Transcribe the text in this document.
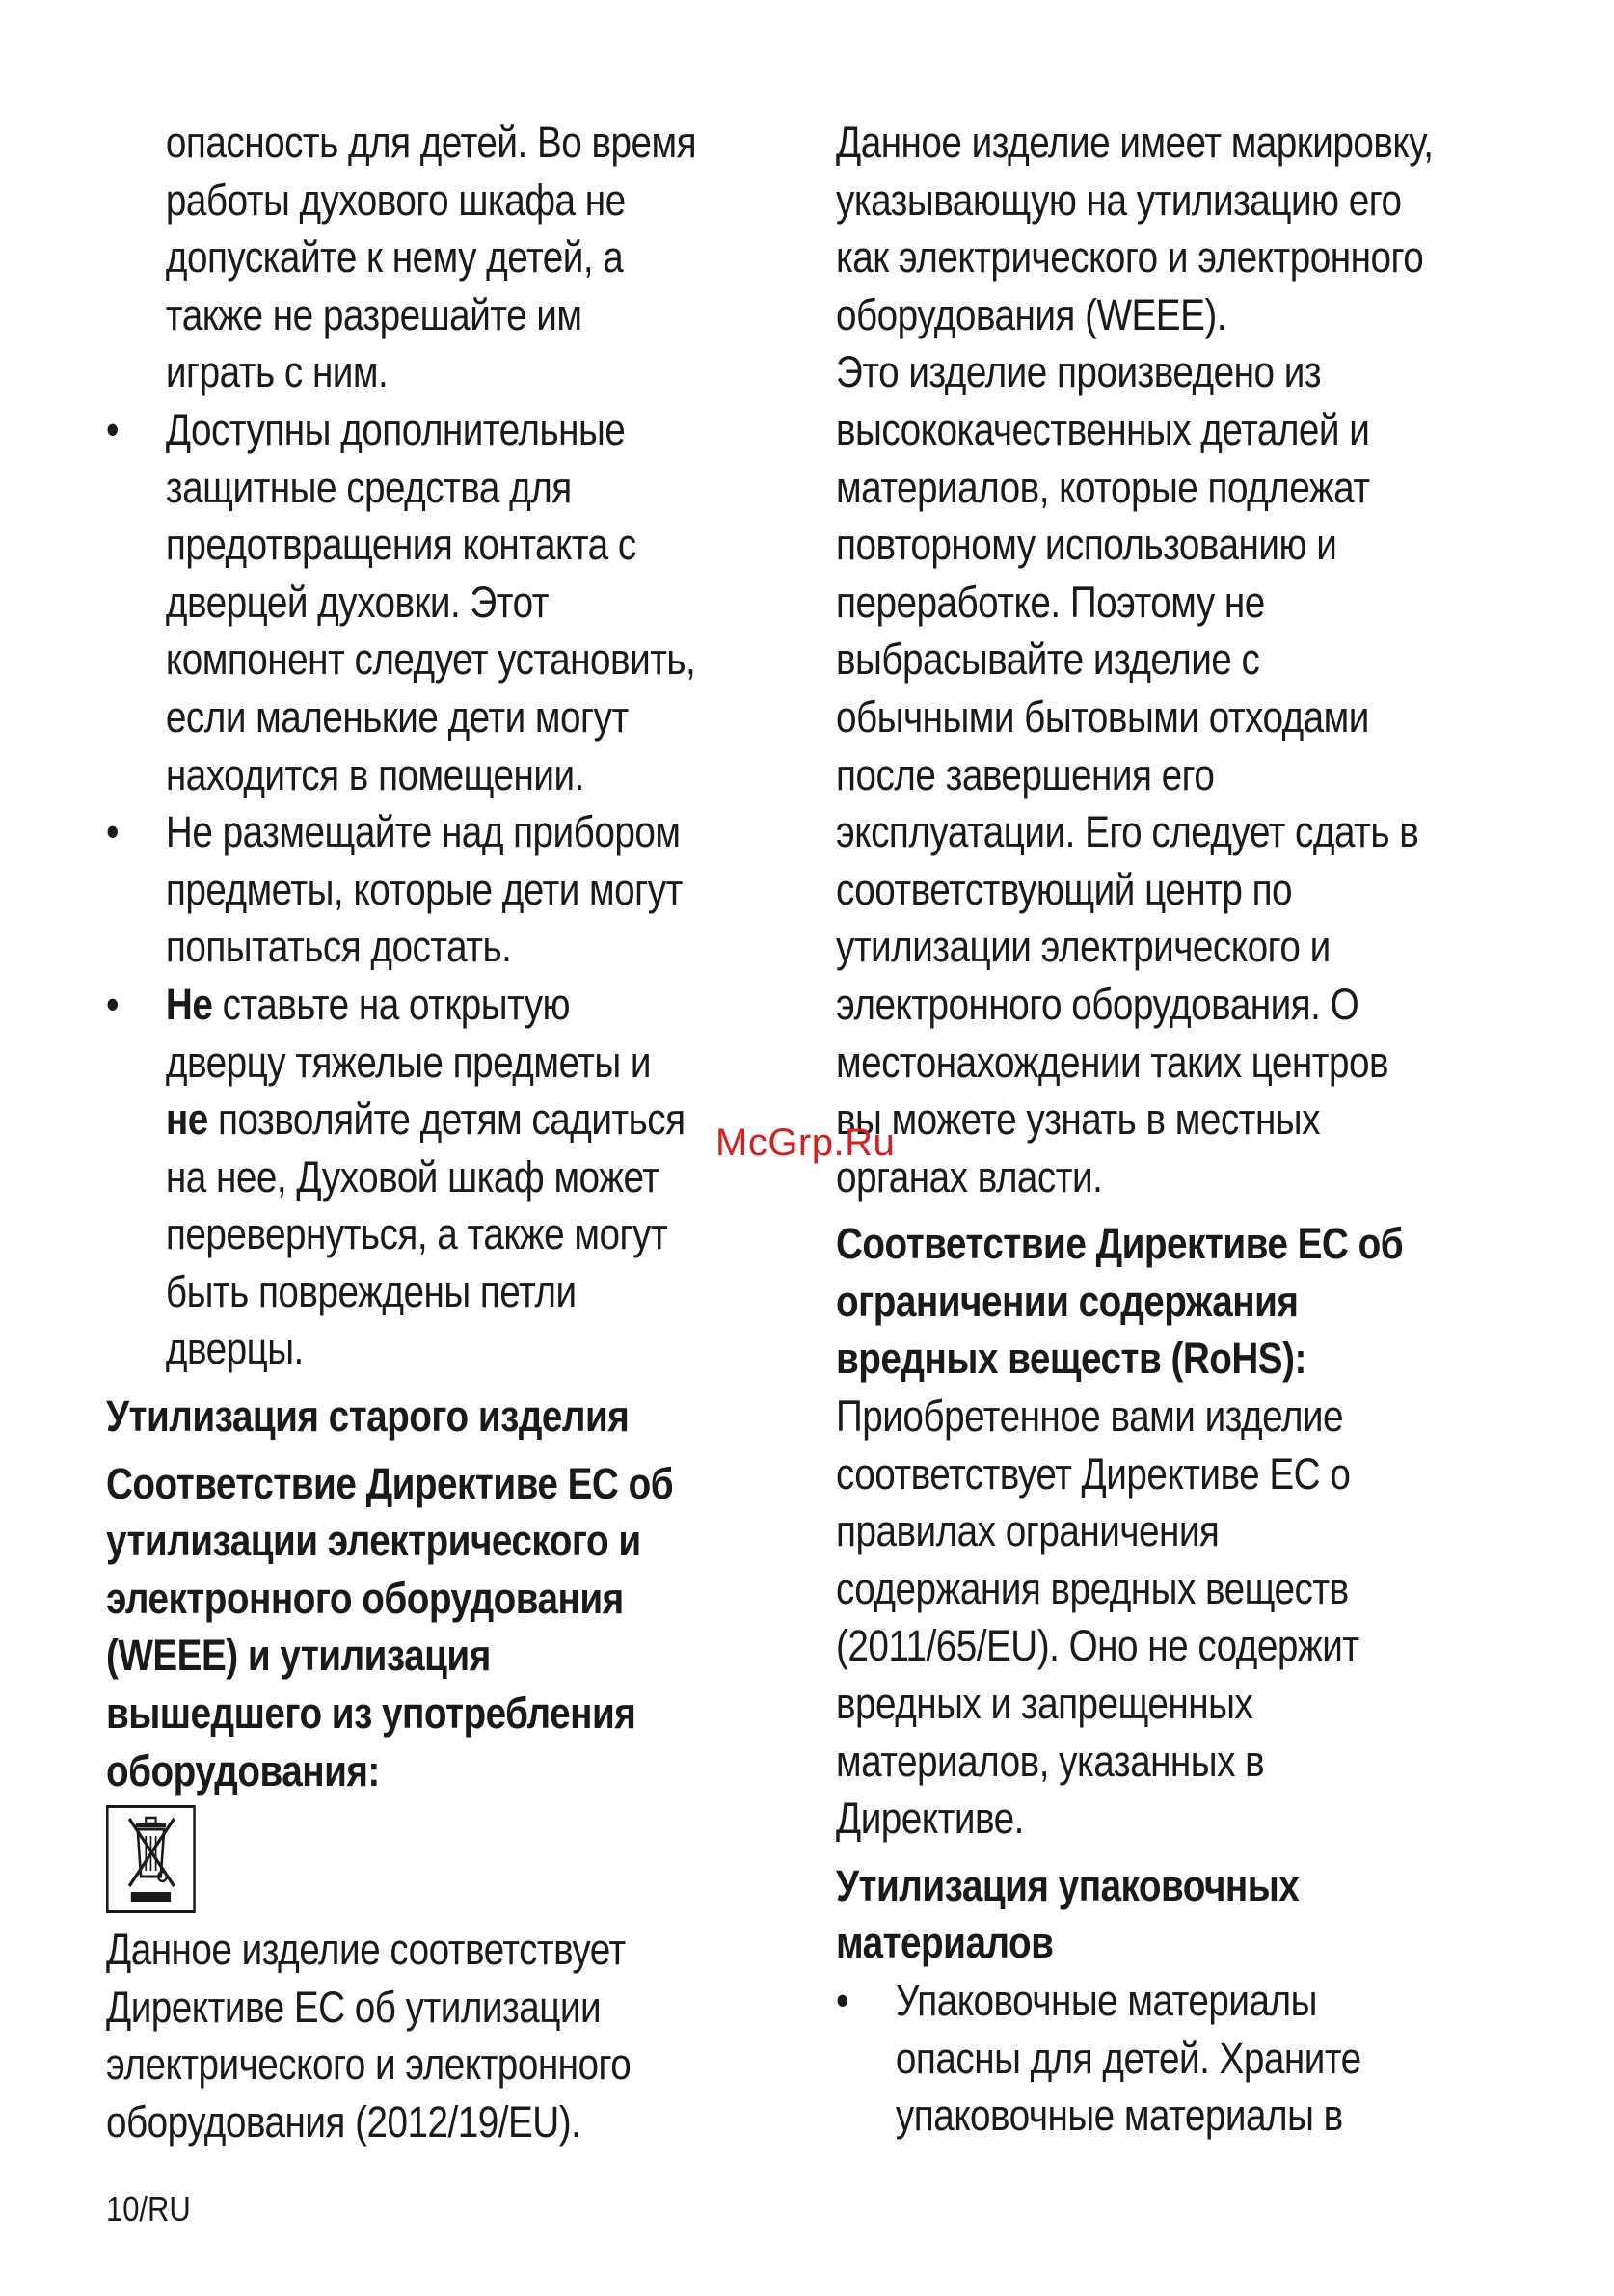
опасность для детей. Во время

работы духового шкафа не

допускайте к нему детей, а

также не разрешайте им

играть с ним.

•	Доступны дополнительные

защитные средства для

предотвращения контакта с

дверцей духовки. Этот

компонент следует установить,

если маленькие дети могут

находится в помещении.

•	Не размещайте над прибором

предметы, которые дети могут

попытаться достать.

•	Не ставьте на открытую

дверцу тяжелые предметы и

не позволяйте детям садиться

на нее, Духовой шкаф может

перевернуться, а также могут

быть повреждены петли

дверцы.

Утилизация старого изделия

Соответствие Директиве ЕС об

утилизации электрического и

электронного оборудования

(WEEE) и утилизация

вышедшего из употребления

оборудования:

Данное изделие соответствует

Директиве ЕС об утилизации

электрического и электронного

оборудования (2012/19/EU).

Данное изделие имеет маркировку,

указывающую на утилизацию его

как электрического и электронного

оборудования (WEEE).

Это изделие произведено из

высококачественных деталей и

материалов, которые подлежат

повторному использованию и

переработке. Поэтому не

выбрасывайте изделие с

обычными бытовыми отходами

после завершения его

эксплуатации. Его следует сдать в

соответствующий центр по

утилизации электрического и

электронного оборудования. О

местонахождении таких центров

вы можете узнать в местных

органах власти.

Соответствие Директиве ЕС об

ограничении содержания

вредных веществ (RoHS):

Приобретенное вами изделие

соответствует Директиве ЕС о

правилах ограничения

содержания вредных веществ

(2011/65/EU). Оно не содержит

вредных и запрещенных

материалов, указанных в

Директиве.

Утилизация упаковочных

материалов

•	Упаковочные материалы

опасны для детей. Храните

упаковочные материалы в

McGrp.Ru
10/RU
